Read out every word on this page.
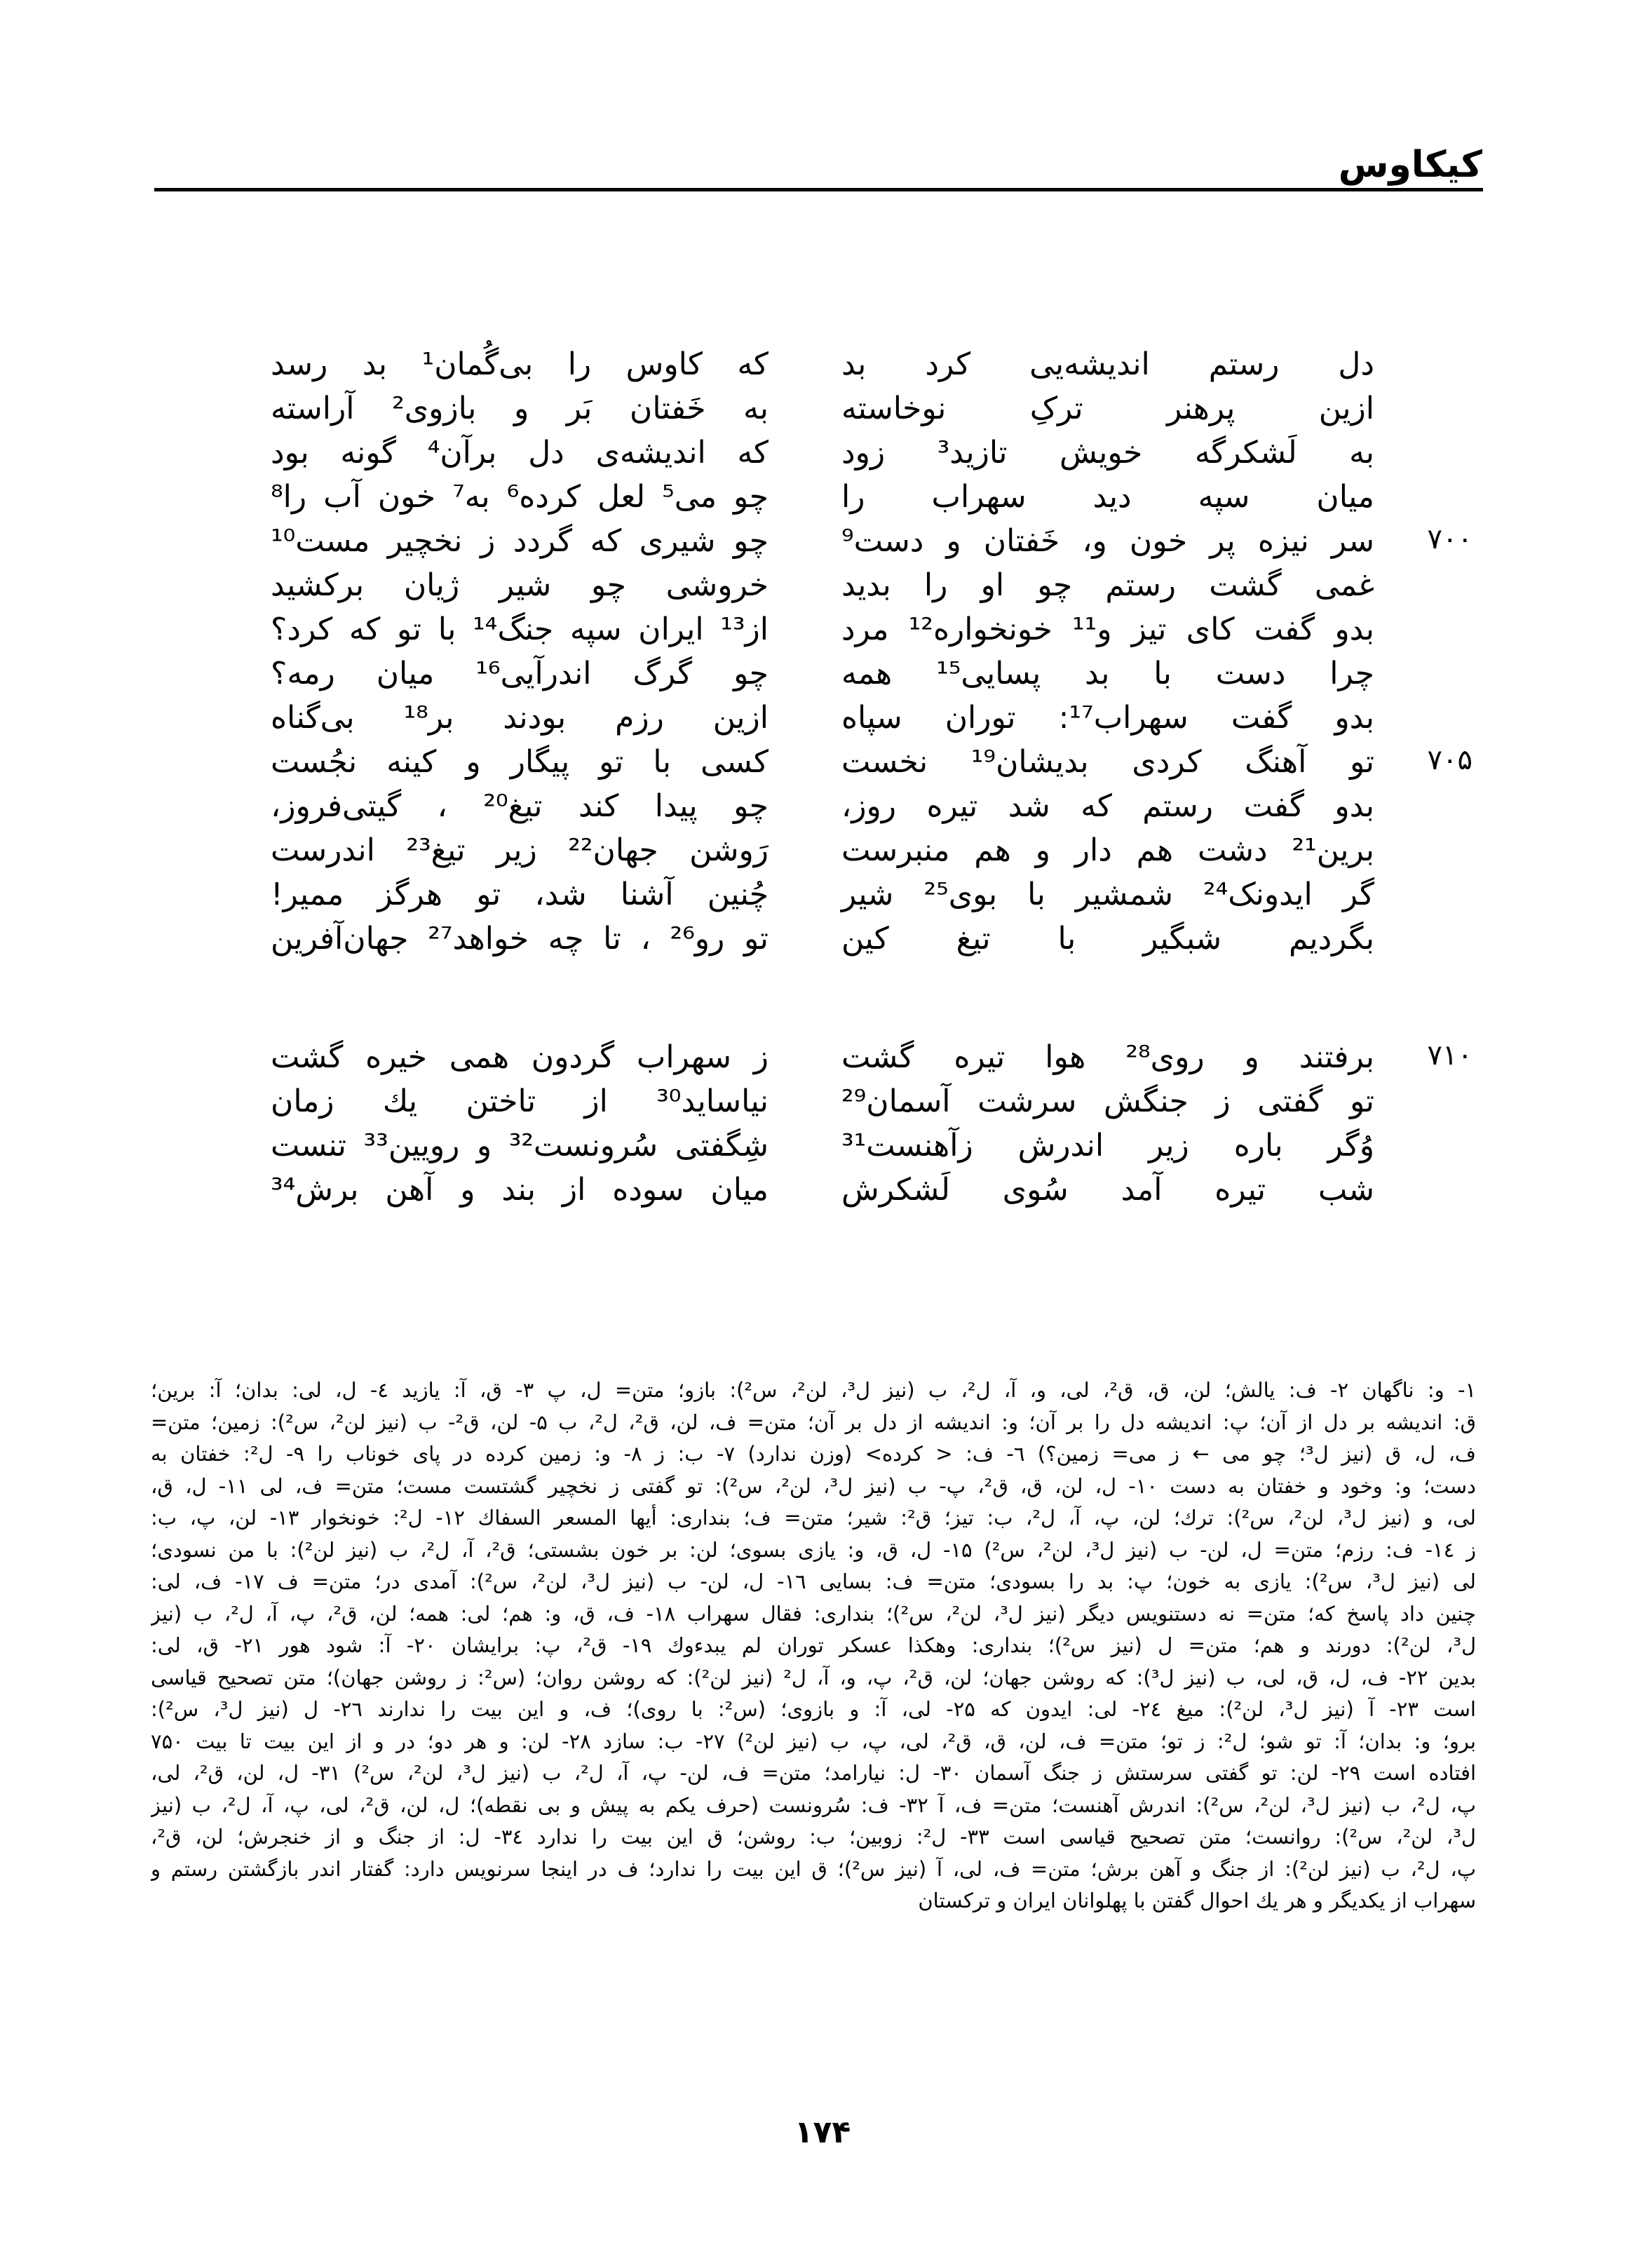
کیکاوس
دل رستم اندیشه‌یی کرد بد
که کاوس را بی‌گُمان¹ بد رسد
ازین پرهنر ترکِ نوخاسته
به خَفتان بَر و بازوی² آراسته
به لَشکرگه خویش تازید³ زود
که اندیشه‌ی دل برآن⁴ گونه بود
میان سپه دید سهراب را
چو می⁵ لعل کرده⁶ به⁷ خون آب را⁸
۷۰۰
سر نیزه پر خون و، خَفتان و دست⁹
چو شیری که گردد ز نخچیر مست¹⁰
غمی گشت رستم چو او را بدید
خروشی چو شیر ژیان برکشید
بدو گفت کای تیز و¹¹ خونخواره¹² مرد
از¹³ ایران سپه جنگ¹⁴ با تو که کرد؟
چرا دست با بد پسایی¹⁵ همه
چو گرگ اندرآیی¹⁶ میان رمه؟
بدو گفت سهراب¹⁷: توران سپاه
ازین رزم بودند بر¹⁸ بی‌گناه
۷۰۵
تو آهنگ کردی بدیشان¹⁹ نخست
کسی با تو پیگار و کینه نجُست
بدو گفت رستم که شد تیره روز،
چو پیدا کند تیغ²⁰ ، گیتی‌فروز،
برین²¹ دشت هم دار و هم منبرست
رَوشن جهان²² زیر تیغ²³ اندرست
گر ایدونک²⁴ شمشیر با بوی²⁵ شیر
چُنین آشنا شد، تو هرگز ممیر!
بگردیم شبگیر با تیغ کین
تو رو²⁶ ، تا چه خواهد²⁷ جهان‌آفرین
۷۱۰
برفتند و روی²⁸ هوا تیره گشت
ز سهراب گردون همی خیره گشت
تو گفتی ز جنگش سرشت آسمان²⁹
نیاساید³⁰ از تاختن یك زمان
وُگر باره زیر اندرش زآهنست³¹
شِگفتی سُرونست³² و رویین³³ تنست
شب تیره آمد سُوی لَشکرش
میان سوده از بند و آهن برش³⁴
۱- و: ناگهان ۲- ف: یالش؛ لن، ق، ق²، لی، و، آ، ل²، ب (نیز ل³، لن²، س²): بازو؛ متن= ل، پ ۳- ق، آ: یازید ٤- ل، لی: بدان؛ آ: برین؛
ق: اندیشه بر دل از آن؛ پ: اندیشه دل را بر آن؛ و: اندیشه از دل بر آن؛ متن= ف، لن، ق²، ل²، ب ۵- لن، ق²- ب (نیز لن²، س²): زمین؛ متن=
ف، ل، ق (نیز ل³؛ چو می ← ز می= زمین؟) ٦- ف: < کرده> (وزن ندارد) ۷- ب: ز ۸- و: زمین کرده در پای خوناب را ۹- ل²: خفتان به
دست؛ و: وخود و خفتان به دست ۱۰- ل، لن، ق، ق²، پ- ب (نیز ل³، لن²، س²): تو گفتی ز نخچیر گشتست مست؛ متن= ف، لی ۱۱- ل، ق،
لی، و (نیز ل³، لن²، س²): ترك؛ لن، پ، آ، ل²، ب: تیز؛ ق²: شیر؛ متن= ف؛ بنداری: أیها المسعر السفاك ۱۲- ل²: خونخوار ۱۳- لن، پ، ب:
ز ١٤- ف: رزم؛ متن= ل، لن- ب (نیز ل³، لن²، س²) ۱۵- ل، ق، و: یازی بسوی؛ لن: بر خون بشستی؛ ق²، آ، ل²، ب (نیز لن²): با من نسودی؛
لی (نیز ل³، س²): یازی به خون؛ پ: بد را بسودی؛ متن= ف: بسایی ۱٦- ل، لن- ب (نیز ل³، لن²، س²): آمدی در؛ متن= ف ۱۷- ف، لی:
چنین داد پاسخ که؛ متن= نه دستنویس دیگر (نیز ل³، لن²، س²)؛ بنداری: فقال سهراب ۱۸- ف، ق، و: هم؛ لی: همه؛ لن، ق²، پ، آ، ل²، ب (نیز
ل³، لن²): دورند و هم؛ متن= ل (نیز س²)؛ بنداری: وهکذا عسکر توران لم یبدءوك ۱۹- ق²، پ: برایشان ۲۰- آ: شود هور ۲۱- ق، لی:
بدین ۲۲- ف، ل، ق، لی، ب (نیز ل³): که روشن جهان؛ لن، ق²، پ، و، آ، ل² (نیز لن²): که روشن روان؛ (س²: ز روشن جهان)؛ متن تصحیح قیاسی
است ۲۳- آ (نیز ل³، لن²): میغ ۲٤- لی: ایدون که ۲۵- لی، آ: و بازوی؛ (س²: با روی)؛ ف، و این بیت را ندارند ۲٦- ل (نیز ل³، س²):
برو؛ و: بدان؛ آ: تو شو؛ ل²: ز تو؛ متن= ف، لن، ق، ق²، لی، پ، ب (نیز لن²) ۲۷- ب: سازد ۲۸- لن: و هر دو؛ در و از این بیت تا بیت ۷۵۰
افتاده است ۲۹- لن: تو گفتی سرستش ز جنگ آسمان ۳۰- ل: نیارامد؛ متن= ف، لن- پ، آ، ل²، ب (نیز ل³، لن²، س²) ۳۱- ل، لن، ق²، لی،
پ، ل²، ب (نیز ل³، لن²، س²): اندرش آهنست؛ متن= ف، آ ۳۲- ف: سُرونست (حرف یکم به پیش و بی نقطه)؛ ل، لن، ق²، لی، پ، آ، ل²، ب (نیز
ل³، لن²، س²): روانست؛ متن تصحیح قیاسی است ۳۳- ل²: زوبین؛ ب: روشن؛ ق این بیت را ندارد ۳٤- ل: از جنگ و از خنجرش؛ لن، ق²،
پ، ل²، ب (نیز لن²): از جنگ و آهن برش؛ متن= ف، لی، آ (نیز س²)؛ ق این بیت را ندارد؛ ف در اینجا سرنویس دارد: گفتار اندر بازگشتن رستم و
سهراب از یکدیگر و هر یك احوال گفتن با پهلوانان ایران و ترکستان
۱۷۴
